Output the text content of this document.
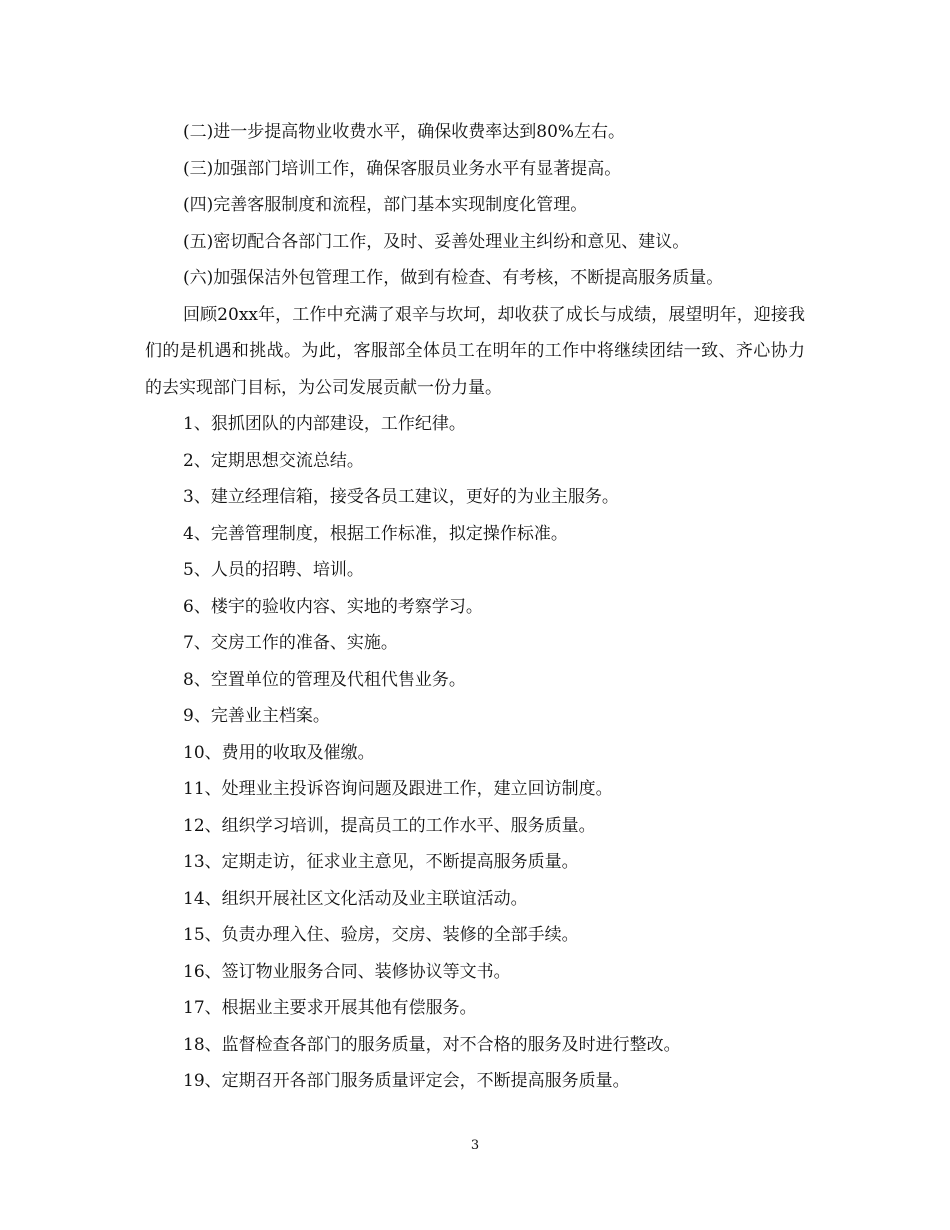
(二)进一步提高物业收费水平，确保收费率达到80%左右。

(三)加强部门培训工作，确保客服员业务水平有显著提高。

(四)完善客服制度和流程，部门基本实现制度化管理。

(五)密切配合各部门工作，及时、妥善处理业主纠纷和意见、建议。

(六)加强保洁外包管理工作，做到有检查、有考核，不断提高服务质量。

回顾20xx年，工作中充满了艰辛与坎坷，却收获了成长与成绩，展望明年，迎接我们的是机遇和挑战。为此，客服部全体员工在明年的工作中将继续团结一致、齐心协力的去实现部门目标，为公司发展贡献一份力量。

1、狠抓团队的内部建设，工作纪律。

2、定期思想交流总结。

3、建立经理信箱，接受各员工建议，更好的为业主服务。

4、完善管理制度，根据工作标准，拟定操作标准。

5、人员的招聘、培训。

6、楼宇的验收内容、实地的考察学习。

7、交房工作的准备、实施。

8、空置单位的管理及代租代售业务。

9、完善业主档案。

10、费用的收取及催缴。

11、处理业主投诉咨询问题及跟进工作，建立回访制度。

12、组织学习培训，提高员工的工作水平、服务质量。

13、定期走访，征求业主意见，不断提高服务质量。

14、组织开展社区文化活动及业主联谊活动。

15、负责办理入住、验房，交房、装修的全部手续。

16、签订物业服务合同、装修协议等文书。

17、根据业主要求开展其他有偿服务。

18、监督检查各部门的服务质量，对不合格的服务及时进行整改。

19、定期召开各部门服务质量评定会，不断提高服务质量。

3
